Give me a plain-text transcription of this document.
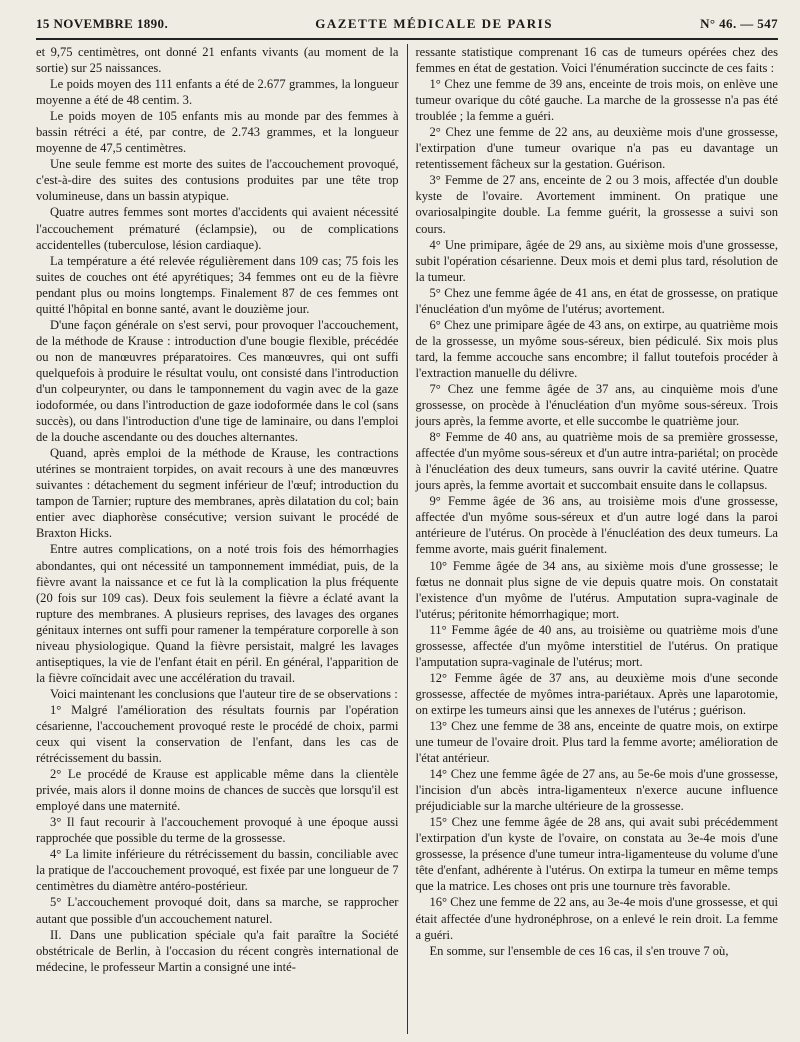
15 NOVEMBRE 1890.	GAZETTE MÉDICALE DE PARIS	N° 46. — 547

et 9,75 centimètres, ont donné 21 enfants vivants (au moment de la sortie) sur 25 naissances.

Le poids moyen des 111 enfants a été de 2.677 grammes, la longueur moyenne a été de 48 centim. 3.

Le poids moyen de 105 enfants mis au monde par des femmes à bassin rétréci a été, par contre, de 2.743 grammes, et la longueur moyenne de 47,5 centimètres.

Une seule femme est morte des suites de l'accouchement provoqué, c'est-à-dire des suites des contusions produites par une tête trop volumineuse, dans un bassin atypique.

Quatre autres femmes sont mortes d'accidents qui avaient nécessité l'accouchement prématuré (éclampsie), ou de complications accidentelles (tuberculose, lésion cardiaque).

La température a été relevée régulièrement dans 109 cas; 75 fois les suites de couches ont été apyrétiques; 34 femmes ont eu de la fièvre pendant plus ou moins longtemps. Finalement 87 de ces femmes ont quitté l'hôpital en bonne santé, avant le douzième jour.

D'une façon générale on s'est servi, pour provoquer l'accouchement, de la méthode de Krause : introduction d'une bougie flexible, précédée ou non de manœuvres préparatoires. Ces manœuvres, qui ont suffi quelquefois à produire le résultat voulu, ont consisté dans l'introduction d'un colpeurynter, ou dans le tamponnement du vagin avec de la gaze iodoformée, ou dans l'introduction de gaze iodoformée dans le col (sans succès), ou dans l'introduction d'une tige de laminaire, ou dans l'emploi de la douche ascendante ou des douches alternantes.

Quand, après emploi de la méthode de Krause, les contractions utérines se montraient torpides, on avait recours à une des manœuvres suivantes : détachement du segment inférieur de l'œuf; introduction du tampon de Tarnier; rupture des membranes, après dilatation du col; bain entier avec diaphorèse consécutive; version suivant le procédé de Braxton Hicks.

Entre autres complications, on a noté trois fois des hémorrhagies abondantes, qui ont nécessité un tamponnement immédiat, puis, de la fièvre avant la naissance et ce fut là la complication la plus fréquente (20 fois sur 109 cas). Deux fois seulement la fièvre a éclaté avant la rupture des membranes. A plusieurs reprises, des lavages des organes génitaux internes ont suffi pour ramener la température corporelle à son niveau physiologique. Quand la fièvre persistait, malgré les lavages antiseptiques, la vie de l'enfant était en péril. En général, l'apparition de la fièvre coïncidait avec une accélération du travail.

Voici maintenant les conclusions que l'auteur tire de se observations :

1° Malgré l'amélioration des résultats fournis par l'opération césarienne, l'accouchement provoqué reste le procédé de choix, parmi ceux qui visent la conservation de l'enfant, dans les cas de rétrécissement du bassin.

2° Le procédé de Krause est applicable même dans la clientèle privée, mais alors il donne moins de chances de succès que lorsqu'il est employé dans une maternité.

3° Il faut recourir à l'accouchement provoqué à une époque aussi rapprochée que possible du terme de la grossesse.

4° La limite inférieure du rétrécissement du bassin, conciliable avec la pratique de l'accouchement provoqué, est fixée par une longueur de 7 centimètres du diamètre antéro-postérieur.

5° L'accouchement provoqué doit, dans sa marche, se rapprocher autant que possible d'un accouchement naturel.

II. Dans une publication spéciale qu'a fait paraître la Société obstétricale de Berlin, à l'occasion du récent congrès international de médecine, le professeur Martin a consigné une inté-

ressante statistique comprenant 16 cas de tumeurs opérées chez des femmes en état de gestation. Voici l'énumération succincte de ces faits :

1° Chez une femme de 39 ans, enceinte de trois mois, on enlève une tumeur ovarique du côté gauche. La marche de la grossesse n'a pas été troublée ; la femme a guéri.

2° Chez une femme de 22 ans, au deuxième mois d'une grossesse, l'extirpation d'une tumeur ovarique n'a pas eu davantage un retentissement fâcheux sur la gestation. Guérison.

3° Femme de 27 ans, enceinte de 2 ou 3 mois, affectée d'un double kyste de l'ovaire. Avortement imminent. On pratique une ovariosalpingite double. La femme guérit, la grossesse a suivi son cours.

4° Une primipare, âgée de 29 ans, au sixième mois d'une grossesse, subit l'opération césarienne. Deux mois et demi plus tard, résolution de la tumeur.

5° Chez une femme âgée de 41 ans, en état de grossesse, on pratique l'énucléation d'un myôme de l'utérus; avortement.

6° Chez une primipare âgée de 43 ans, on extirpe, au quatrième mois de la grossesse, un myôme sous-séreux, bien pédiculé. Six mois plus tard, la femme accouche sans encombre; il fallut toutefois procéder à l'extraction manuelle du délivre.

7° Chez une femme âgée de 37 ans, au cinquième mois d'une grossesse, on procède à l'énucléation d'un myôme sous-séreux. Trois jours après, la femme avorte, et elle succombe le quatrième jour.

8° Femme de 40 ans, au quatrième mois de sa première grossesse, affectée d'un myôme sous-séreux et d'un autre intra-pariétal; on procède à l'énucléation des deux tumeurs, sans ouvrir la cavité utérine. Quatre jours après, la femme avortait et succombait ensuite dans le collapsus.

9° Femme âgée de 36 ans, au troisième mois d'une grossesse, affectée d'un myôme sous-séreux et d'un autre logé dans la paroi antérieure de l'utérus. On procède à l'énucléation des deux tumeurs. La femme avorte, mais guérit finalement.

10° Femme âgée de 34 ans, au sixième mois d'une grossesse; le fœtus ne donnait plus signe de vie depuis quatre mois. On constatait l'existence d'un myôme de l'utérus. Amputation supra-vaginale de l'utérus; péritonite hémorrhagique; mort.

11° Femme âgée de 40 ans, au troisième ou quatrième mois d'une grossesse, affectée d'un myôme interstitiel de l'utérus. On pratique l'amputation supra-vaginale de l'utérus; mort.

12° Femme âgée de 37 ans, au deuxième mois d'une seconde grossesse, affectée de myômes intra-pariétaux. Après une laparotomie, on extirpe les tumeurs ainsi que les annexes de l'utérus ; guérison.

13° Chez une femme de 38 ans, enceinte de quatre mois, on extirpe une tumeur de l'ovaire droit. Plus tard la femme avorte; amélioration de l'état antérieur.

14° Chez une femme âgée de 27 ans, au 5e-6e mois d'une grossesse, l'incision d'un abcès intra-ligamenteux n'exerce aucune influence préjudiciable sur la marche ultérieure de la grossesse.

15° Chez une femme âgée de 28 ans, qui avait subi précédemment l'extirpation d'un kyste de l'ovaire, on constata au 3e-4e mois d'une grossesse, la présence d'une tumeur intra-ligamenteuse du volume d'une tête d'enfant, adhérente à l'utérus. On extirpa la tumeur en même temps que la matrice. Les choses ont pris une tournure très favorable.

16° Chez une femme de 22 ans, au 3e-4e mois d'une grossesse, et qui était affectée d'une hydronéphrose, on a enlevé le rein droit. La femme a guéri.

En somme, sur l'ensemble de ces 16 cas, il s'en trouve 7 où,
